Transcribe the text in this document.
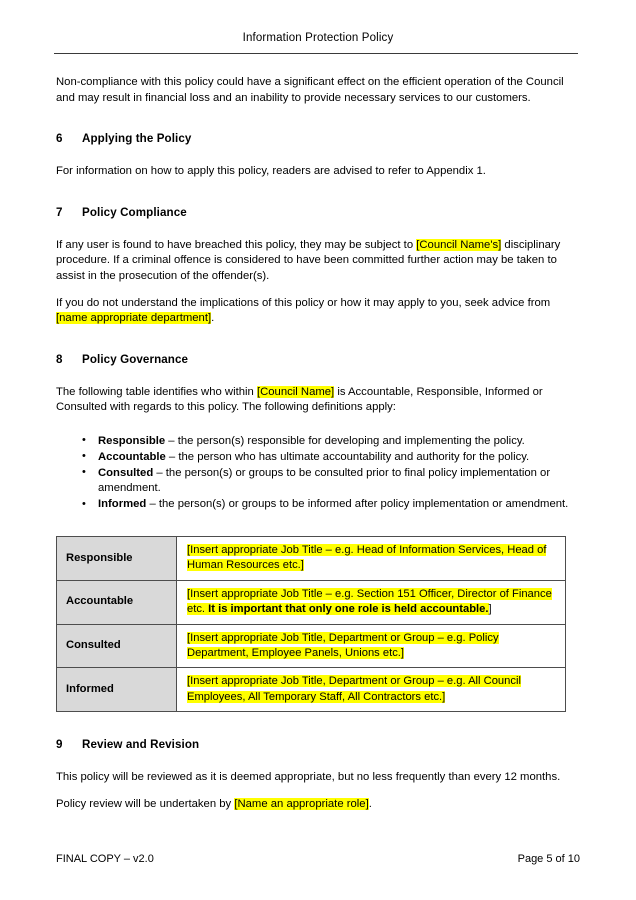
Information Protection Policy

Non-compliance with this policy could have a significant effect on the efficient operation of the Council and may result in financial loss and an inability to provide necessary services to our customers.

6	Applying the Policy

For information on how to apply this policy, readers are advised to refer to Appendix 1.

7	Policy Compliance

If any user is found to have breached this policy, they may be subject to [Council Name's] disciplinary procedure. If a criminal offence is considered to have been committed further action may be taken to assist in the prosecution of the offender(s).

If you do not understand the implications of this policy or how it may apply to you, seek advice from [name appropriate department].

8	Policy Governance

The following table identifies who within [Council Name] is Accountable, Responsible, Informed or Consulted with regards to this policy. The following definitions apply:

• Responsible – the person(s) responsible for developing and implementing the policy.
• Accountable – the person who has ultimate accountability and authority for the policy.
• Consulted – the person(s) or groups to be consulted prior to final policy implementation or amendment.
• Informed – the person(s) or groups to be informed after policy implementation or amendment.
Responsible	[Insert appropriate Job Title – e.g. Head of Information Services, Head of Human Resources etc.]
Accountable	[Insert appropriate Job Title – e.g. Section 151 Officer, Director of Finance etc. It is important that only one role is held accountable.]
Consulted	[Insert appropriate Job Title, Department or Group – e.g. Policy Department, Employee Panels, Unions etc.]
Informed	[Insert appropriate Job Title, Department or Group – e.g. All Council Employees, All Temporary Staff, All Contractors etc.]
9	Review and Revision

This policy will be reviewed as it is deemed appropriate, but no less frequently than every 12 months.

Policy review will be undertaken by [Name an appropriate role].

FINAL COPY – v2.0	Page 5 of 10
